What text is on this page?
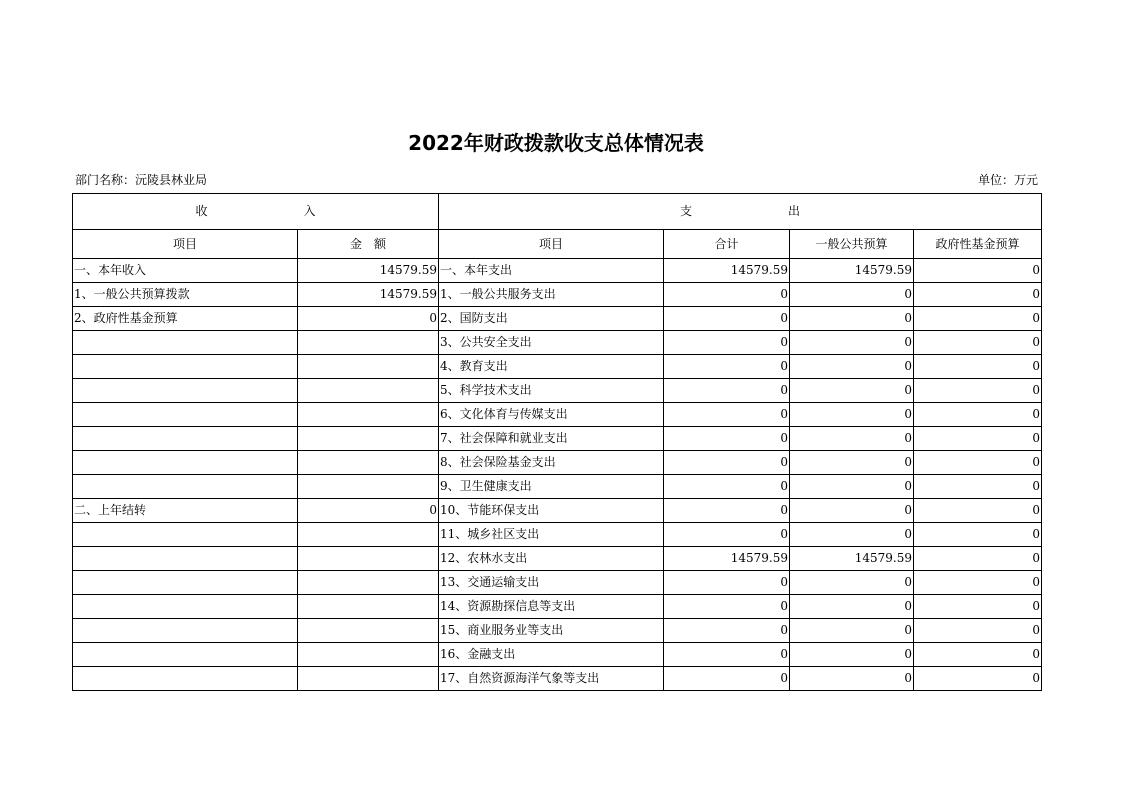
2022年财政拨款收支总体情况表
部门名称：沅陵县林业局	单位：万元
收　　　　　　　　入		支　　　　　　　　出			
项目	金　额	项目	合计	一般公共预算	政府性基金预算
一、本年收入	14579.59	一、本年支出	14579.59	14579.59	0
1、一般公共预算拨款	14579.59	1、一般公共服务支出	0	0	0
2、政府性基金预算	0	2、国防支出	0	0	0
		3、公共安全支出	0	0	0
		4、教育支出	0	0	0
		5、科学技术支出	0	0	0
		6、文化体育与传媒支出	0	0	0
		7、社会保障和就业支出	0	0	0
		8、社会保险基金支出	0	0	0
		9、卫生健康支出	0	0	0
二、上年结转	0	10、节能环保支出	0	0	0
		11、城乡社区支出	0	0	0
		12、农林水支出	14579.59	14579.59	0
		13、交通运输支出	0	0	0
		14、资源勘探信息等支出	0	0	0
		15、商业服务业等支出	0	0	0
		16、金融支出	0	0	0
		17、自然资源海洋气象等支出	0	0	0
